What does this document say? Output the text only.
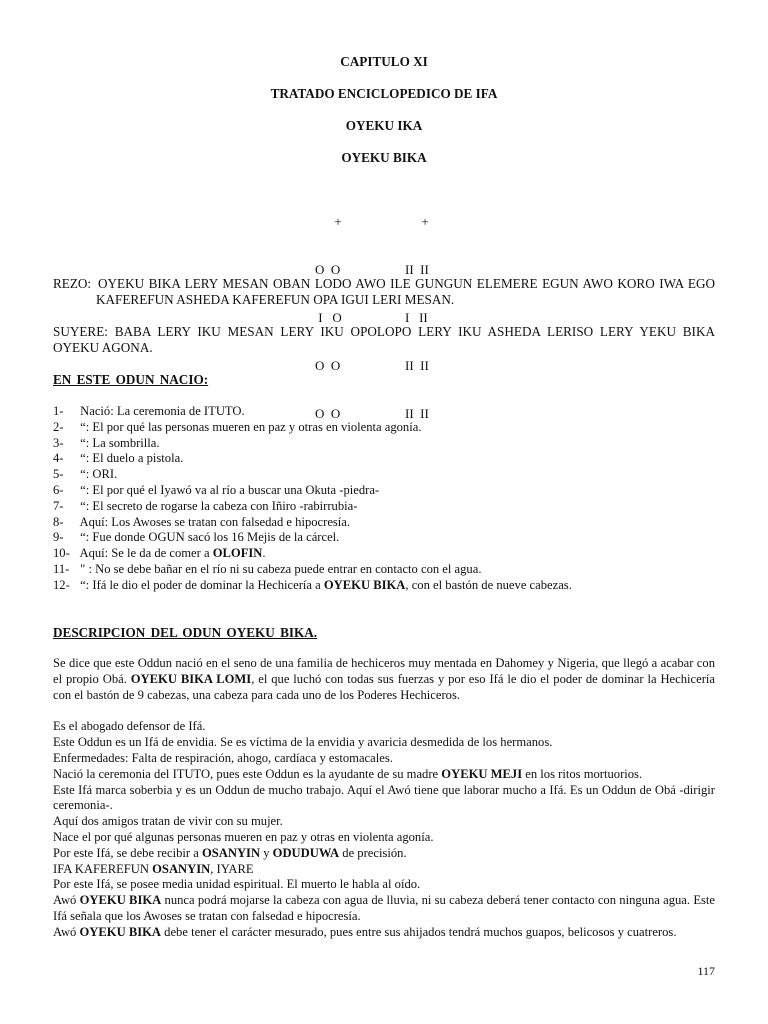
CAPITULO XI
TRATADO ENCICLOPEDICO DE IFA
OYEKU IKA
OYEKU BIKA

+

O  O

I   O

O  O

O  O

+

II  II

I   II

II  II

II  II

REZO: OYEKU BIKA LERY MESAN OBAN LODO AWO ILE GUNGUN ELEMERE EGUN AWO KORO IWA EGO KAFEREFUN ASHEDA KAFEREFUN OPA IGUI LERI MESAN.
SUYERE: BABA LERY IKU MESAN LERY IKU OPOLOPO LERY IKU ASHEDA LERISO LERY YEKU BIKA OYEKU AGONA.
EN ESTE ODUN NACIO:
1- Nació: La ceremonia de ITUTO.
2- “: El por qué las personas mueren en paz y otras en violenta agonía.
3- “: La sombrilla.
4- “: El duelo a pistola.
5- “: ORI.
6- “: El por qué el Iyawó va al río a buscar una Okuta -piedra-
7- “: El secreto de rogarse la cabeza con Iñiro -rabirrubia-
8- Aquí: Los Awoses se tratan con falsedad e hipocresía.
9- “: Fue donde OGUN sacó los 16 Mejis de la cárcel.
10- Aquí: Se le da de comer a OLOFIN.
11- " : No se debe bañar en el río ni su cabeza puede entrar en contacto con el agua.
12- “: Ifá le dio el poder de dominar la Hechicería a OYEKU BIKA, con el bastón de nueve cabezas.
DESCRIPCION DEL ODUN OYEKU BIKA.

Se dice que este Oddun nació en el seno de una familia de hechiceros muy mentada en Dahomey y Nigeria, que llegó a acabar con el propio Obá. OYEKU BIKA LOMI, el que luchó con todas sus fuerzas y por eso Ifá le dio el poder de dominar la Hechicería con el bastón de 9 cabezas, una cabeza para cada uno de los Poderes Hechiceros.

Es el abogado defensor de Ifá.

Este Oddun es un Ifá de envidia. Se es víctima de la envidia y avaricia desmedida de los hermanos.

Enfermedades: Falta de respiración, ahogo, cardíaca y estomacales.

Nació la ceremonia del ITUTO, pues este Oddun es la ayudante de su madre OYEKU MEJI en los ritos mortuorios.

Este Ifá marca soberbia y es un Oddun de mucho trabajo. Aquí el Awó tiene que laborar mucho a Ifá. Es un Oddun de Obá -dirigir ceremonia-.

Aquí dos amigos tratan de vivir con su mujer.

Nace el por qué algunas personas mueren en paz y otras en violenta agonía.

Por este Ifá, se debe recibir a OSANYIN y ODUDUWA de precisión.

IFA KAFEREFUN OSANYIN, IYARE

Por este Ifá, se posee media unidad espiritual. El muerto le habla al oído.

Awó OYEKU BIKA nunca podrá mojarse la cabeza con agua de lluvia, ni su cabeza deberá tener contacto con ninguna agua. Este Ifá señala que los Awoses se tratan con falsedad e hipocresía.

Awó OYEKU BIKA debe tener el carácter mesurado, pues entre sus ahijados tendrá muchos guapos, belicosos y cuatreros.

117
